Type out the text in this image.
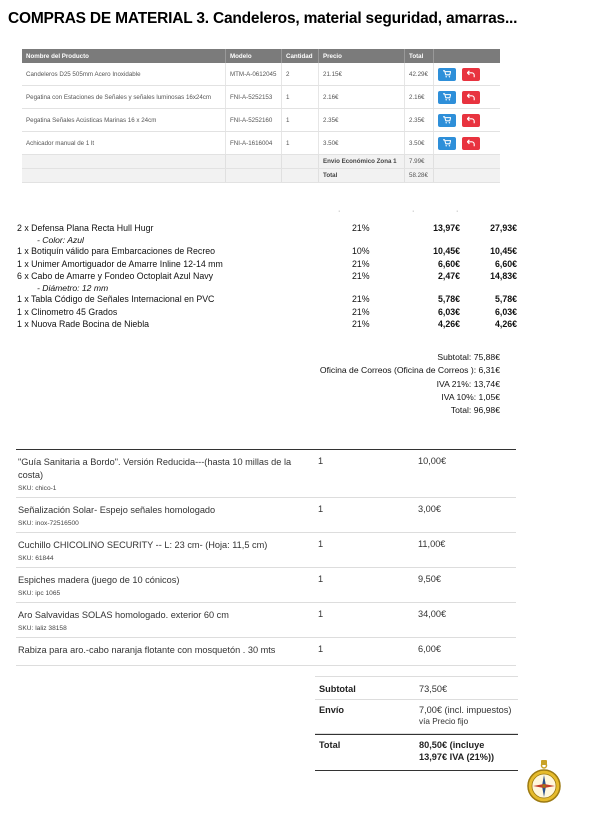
COMPRAS DE MATERIAL 3. Candeleros, material seguridad, amarras...
Nombre del Producto	Modelo	Cantidad	Precio	Total	
Candeleros D25 505mm Acero Inoxidable	MTM-A-0612045	2	21.15€	42.29€	

Pegatina con Estaciones de Señales y señales luminosas 16x24cm	FNI-A-5252153	1	2.16€	2.16€	

Pegatina Señales Acústicas Marinas 16 x 24cm	FNI-A-5252160	1	2.35€	2.35€	

Achicador manual de 1 lt	FNI-A-1616004	1	3.50€	3.50€	

			Envio Económico Zona 1	7.99€	
			Total	58.28€	
·	·	·
2 x Defensa Plana Recta Hull Hugr	21%	13,97€	27,93€
- Color: Azul
1 x Botiquín válido para Embarcaciones de Recreo	10%	10,45€	10,45€
1 x Unimer Amortiguador de Amarre Inline 12-14 mm	21%	6,60€	6,60€
6 x Cabo de Amarre y Fondeo Octoplait Azul Navy	21%	2,47€	14,83€
- Diámetro: 12 mm
1 x Tabla Código de Señales Internacional en PVC	21%	5,78€	5,78€
1 x Clinometro 45 Grados	21%	6,03€	6,03€
1 x Nuova Rade Bocina de Niebla	21%	4,26€	4,26€
Subtotal: 75,88€
Oficina de Correos (Oficina de Correos ): 6,31€
IVA 21%: 13,74€
IVA 10%: 1,05€
Total: 96,98€
"Guía Sanitaria a Bordo". Versión Reducida---(hasta 10 millas de la costa)
SKU: chico-1
1	10,00€
Señalización Solar- Espejo señales homologado
SKU: inox-72516500
1	3,00€
Cuchillo CHICOLINO SECURITY -- L: 23 cm- (Hoja: 11,5 cm)
SKU: 61844
1	11,00€
Espiches madera (juego de 10 cónicos)
SKU: ipc 1065
1	9,50€
Aro Salvavidas SOLAS homologado. exterior 60 cm
SKU: laliz 38158
1	34,00€
Rabiza para aro.-cabo naranja flotante con mosquetón . 30 mts	1	6,00€
Subtotal	73,50€
Envío	7,00€ (incl. impuestos)
vía Precio fijo
Total	80,50€ (incluye 13,97€ IVA (21%))
